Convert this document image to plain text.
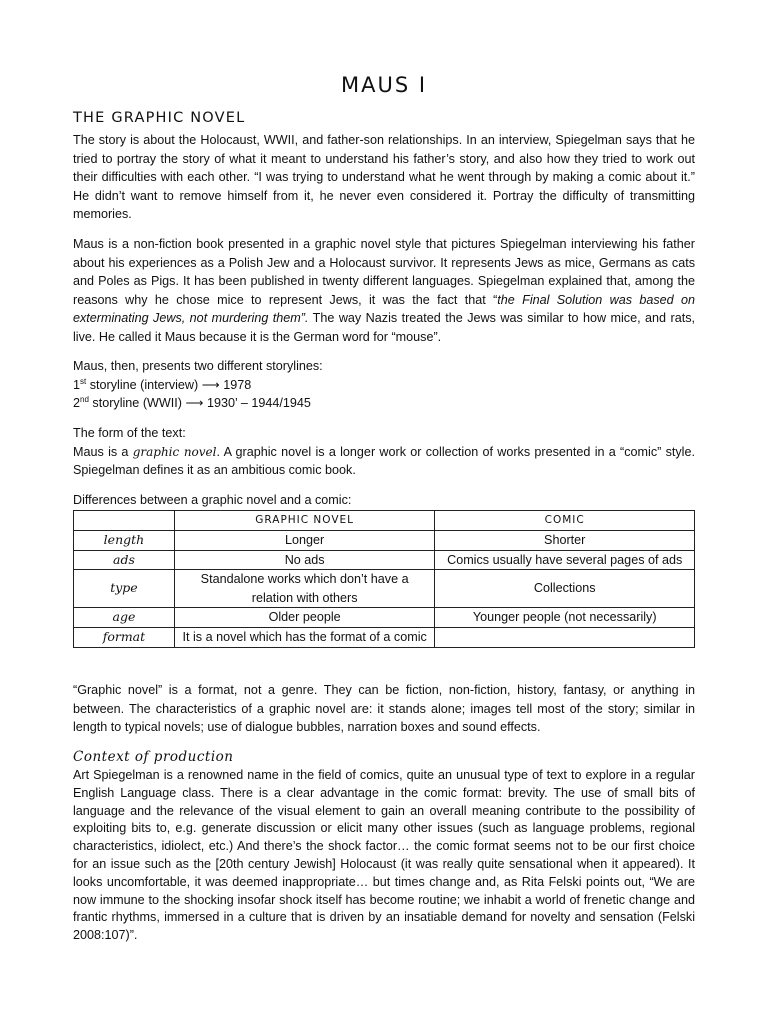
MAUS I
THE GRAPHIC NOVEL

The story is about the Holocaust, WWII, and father-son relationships. In an interview, Spiegelman says that he tried to portray the story of what it meant to understand his father’s story, and also how they tried to work out their difficulties with each other. “I was trying to understand what he went through by making a comic about it.” He didn’t want to remove himself from it, he never even considered it. Portray the difficulty of transmitting memories.

Maus is a non-fiction book presented in a graphic novel style that pictures Spiegelman interviewing his father about his experiences as a Polish Jew and a Holocaust survivor. It represents Jews as mice, Germans as cats and Poles as Pigs. It has been published in twenty different languages. Spiegelman explained that, among the reasons why he chose mice to represent Jews, it was the fact that “the Final Solution was based on exterminating Jews, not murdering them”. The way Nazis treated the Jews was similar to how mice, and rats, live. He called it Maus because it is the German word for “mouse”.

Maus, then, presents two different storylines:
1st storyline (interview) ⟶ 1978
2nd storyline (WWII) ⟶ 1930’ – 1944/1945
The form of the text:
Maus is a graphic novel. A graphic novel is a longer work or collection of works presented in a “comic” style. Spiegelman defines it as an ambitious comic book.
Differences between a graphic novel and a comic:
	GRAPHIC NOVEL	COMIC
length	Longer	Shorter
ads	No ads	Comics usually have several pages of ads
type	Standalone works which don’t have a relation with others	Collections
age	Older people	Younger people (not necessarily)
format	It is a novel which has the format of a comic	

“Graphic novel” is a format, not a genre. They can be fiction, non-fiction, history, fantasy, or anything in between. The characteristics of a graphic novel are: it stands alone; images tell most of the story; similar in length to typical novels; use of dialogue bubbles, narration boxes and sound effects.

Context of production

Art Spiegelman is a renowned name in the field of comics, quite an unusual type of text to explore in a regular English Language class. There is a clear advantage in the comic format: brevity. The use of small bits of language and the relevance of the visual element to gain an overall meaning contribute to the possibility of exploiting bits to, e.g. generate discussion or elicit many other issues (such as language problems, regional characteristics, idiolect, etc.) And there’s the shock factor… the comic format seems not to be our first choice for an issue such as the [20th century Jewish] Holocaust (it was really quite sensational when it appeared). It looks uncomfortable, it was deemed inappropriate… but times change and, as Rita Felski points out, “We are now immune to the shocking insofar shock itself has become routine; we inhabit a world of frenetic change and frantic rhythms, immersed in a culture that is driven by an insatiable demand for novelty and sensation (Felski 2008:107)”.
